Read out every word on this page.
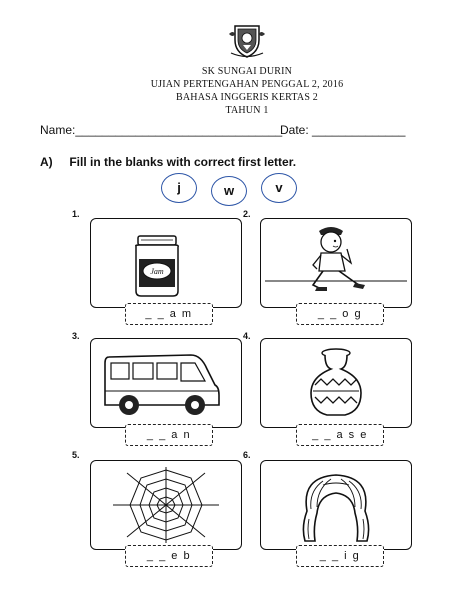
SK SUNGAI DURIN
UJIAN PERTENGAHAN PENGGAL 2, 2016
BAHASA INGGERIS KERTAS 2
TAHUN 1
Name:_______________________________
Date: ______________
A)     Fill in the blanks with correct first letter.
j	w	v
1.	2.
3.	4.
5.	6.
Jam
_ _ a m	_ _ o g
_ _ a n	_ _ a s e
_ _ e b	_ _ i g
